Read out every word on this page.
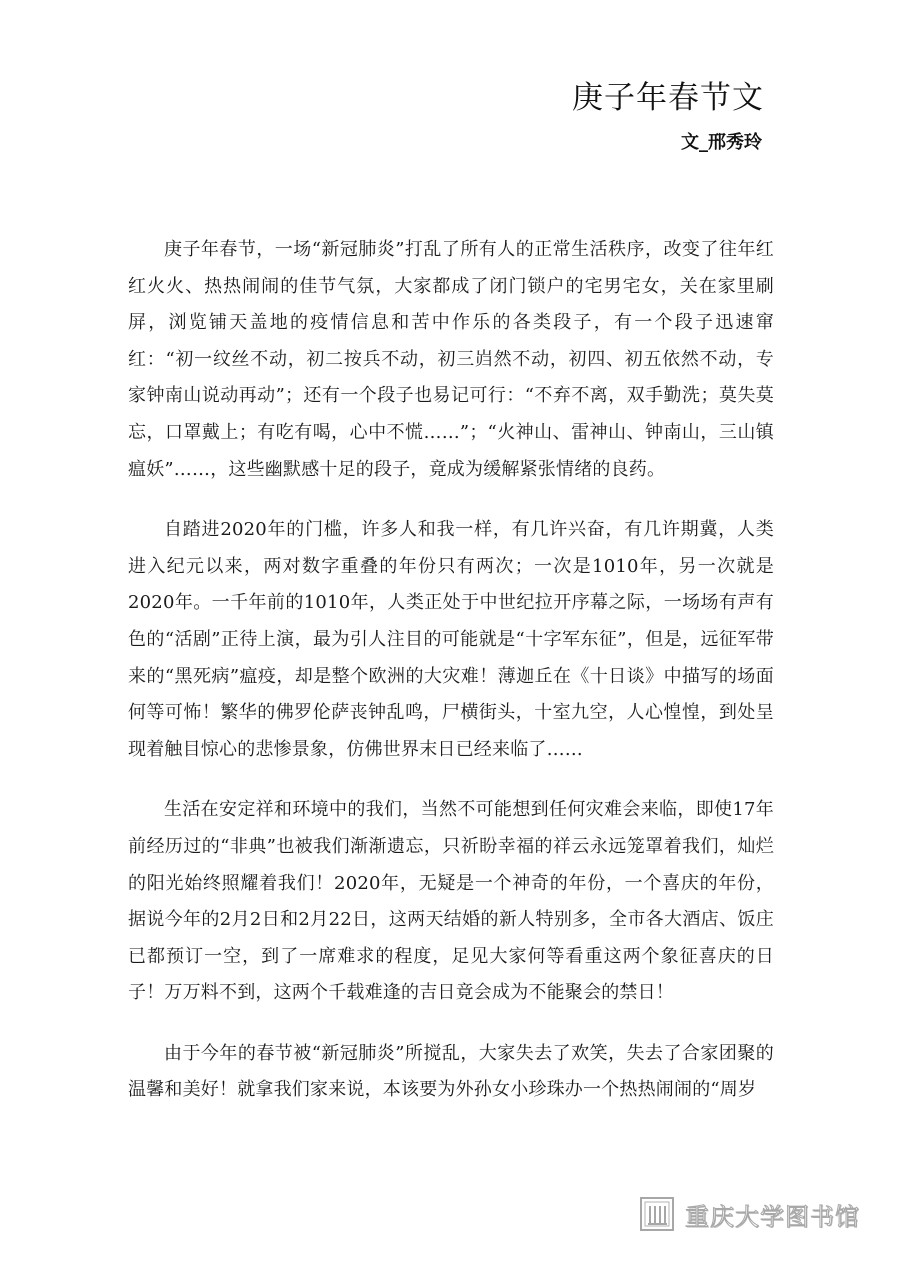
庚子年春节文
文_邢秀玲

庚子年春节，一场“新冠肺炎”打乱了所有人的正常生活秩序，改变了往年红红火火、热热闹闹的佳节气氛，大家都成了闭门锁户的宅男宅女，关在家里刷屏，浏览铺天盖地的疫情信息和苦中作乐的各类段子，有一个段子迅速窜红：“初一纹丝不动，初二按兵不动，初三岿然不动，初四、初五依然不动，专家钟南山说动再动”；还有一个段子也易记可行：“不弃不离，双手勤洗；莫失莫忘，口罩戴上；有吃有喝，心中不慌……”；“火神山、雷神山、钟南山，三山镇瘟妖”……，这些幽默感十足的段子，竟成为缓解紧张情绪的良药。

自踏进2020年的门槛，许多人和我一样，有几许兴奋，有几许期冀，人类进入纪元以来，两对数字重叠的年份只有两次；一次是1010年，另一次就是2020年。一千年前的1010年，人类正处于中世纪拉开序幕之际，一场场有声有色的“活剧”正待上演，最为引人注目的可能就是“十字军东征”，但是，远征军带来的“黑死病”瘟疫，却是整个欧洲的大灾难！薄迦丘在《十日谈》中描写的场面何等可怖！繁华的佛罗伦萨丧钟乱鸣，尸横街头，十室九空，人心惶惶，到处呈现着触目惊心的悲惨景象，仿佛世界末日已经来临了……

生活在安定祥和环境中的我们，当然不可能想到任何灾难会来临，即使17年前经历过的“非典”也被我们渐渐遗忘，只祈盼幸福的祥云永远笼罩着我们，灿烂的阳光始终照耀着我们！2020年，无疑是一个神奇的年份，一个喜庆的年份，据说今年的2月2日和2月22日，这两天结婚的新人特别多，全市各大酒店、饭庄已都预订一空，到了一席难求的程度，足见大家何等看重这两个象征喜庆的日子！万万料不到，这两个千载难逢的吉日竟会成为不能聚会的禁日！

由于今年的春节被“新冠肺炎”所搅乱，大家失去了欢笑，失去了合家团聚的温馨和美好！就拿我们家来说，本该要为外孙女小珍珠办一个热热闹闹的“周岁

重庆大学图书馆
